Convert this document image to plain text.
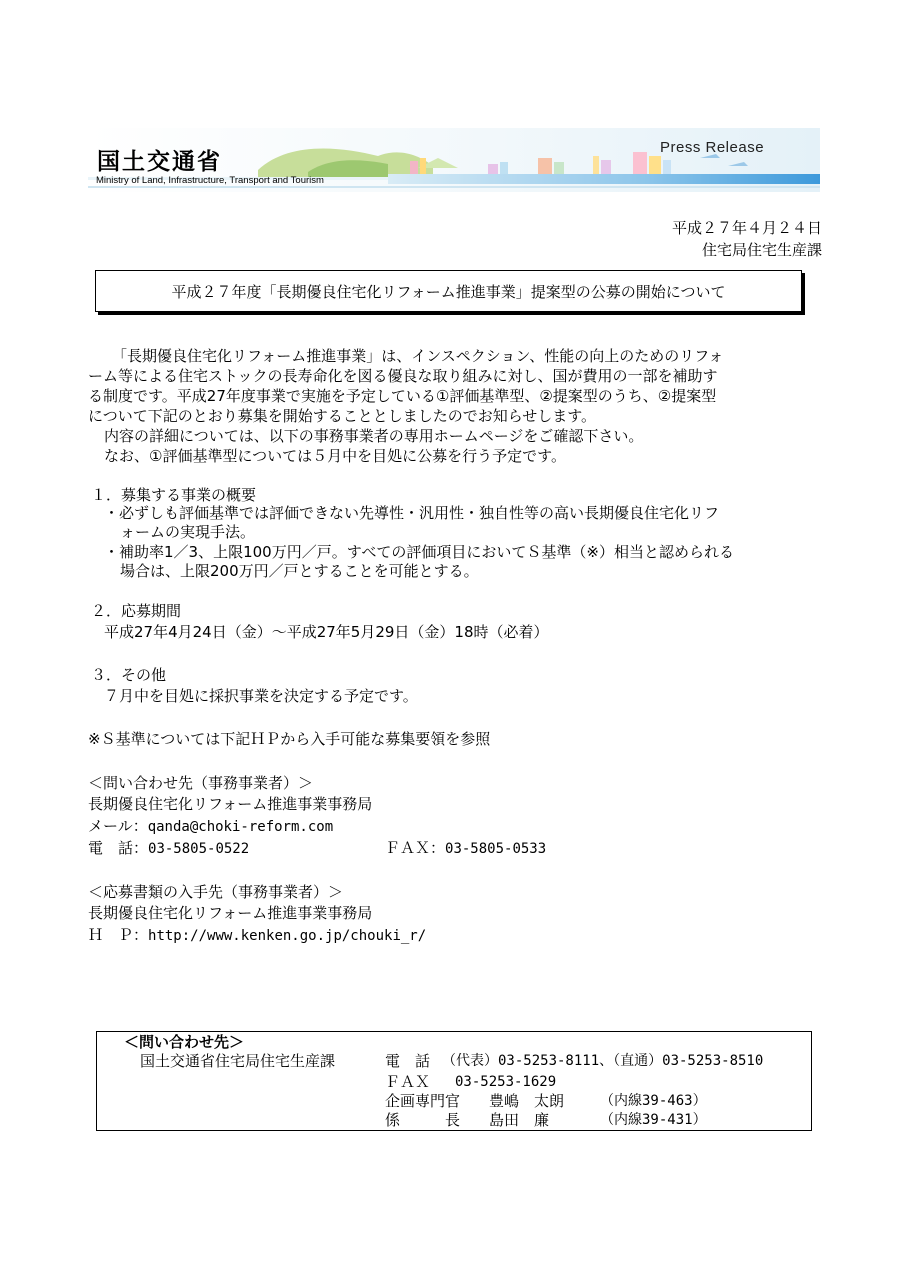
国土交通省
Ministry of Land, Infrastructure, Transport and Tourism
Press Release
平成２７年４月２４日
住宅局住宅生産課
平成２７年度「長期優良住宅化リフォーム推進事業」提案型の公募の開始について
「長期優良住宅化リフォーム推進事業」は、インスペクション、性能の向上のためのリフォ
ーム等による住宅ストックの長寿命化を図る優良な取り組みに対し、国が費用の一部を補助す
る制度です。平成27年度事業で実施を予定している①評価基準型、②提案型のうち、②提案型
について下記のとおり募集を開始することとしましたのでお知らせします。
内容の詳細については、以下の事務事業者の専用ホームページをご確認下さい。
なお、①評価基準型については５月中を目処に公募を行う予定です。
１．募集する事業の概要
・必ずしも評価基準では評価できない先導性・汎用性・独自性等の高い長期優良住宅化リフ
ォームの実現手法。
・補助率1／3、上限100万円／戸。すべての評価項目においてＳ基準（※）相当と認められる
場合は、上限200万円／戸とすることを可能とする。
２．応募期間
平成27年4月24日（金）～平成27年5月29日（金）18時（必着）
３．その他
７月中を目処に採択事業を決定する予定です。
※Ｓ基準については下記ＨＰから入手可能な募集要領を参照
＜問い合わせ先（事務事業者）＞
長期優良住宅化リフォーム推進事業事務局
メール：qanda@choki-reform.com
電　話：03-5805-0522	ＦＡＸ：03-5805-0533
＜応募書類の入手先（事務事業者）＞
長期優良住宅化リフォーム推進事業事務局
Ｈ　Ｐ：http://www.kenken.go.jp/chouki_r/
＜問い合わせ先＞
国土交通省住宅局住宅生産課	電　話 （代表）03-5253-8111、（直通）03-5253-8510
ＦＡＸ 03-5253-1629
企画専門官 豊嶋　太朗	（内線39-463）
係　　　長 島田　廉	（内線39-431）
